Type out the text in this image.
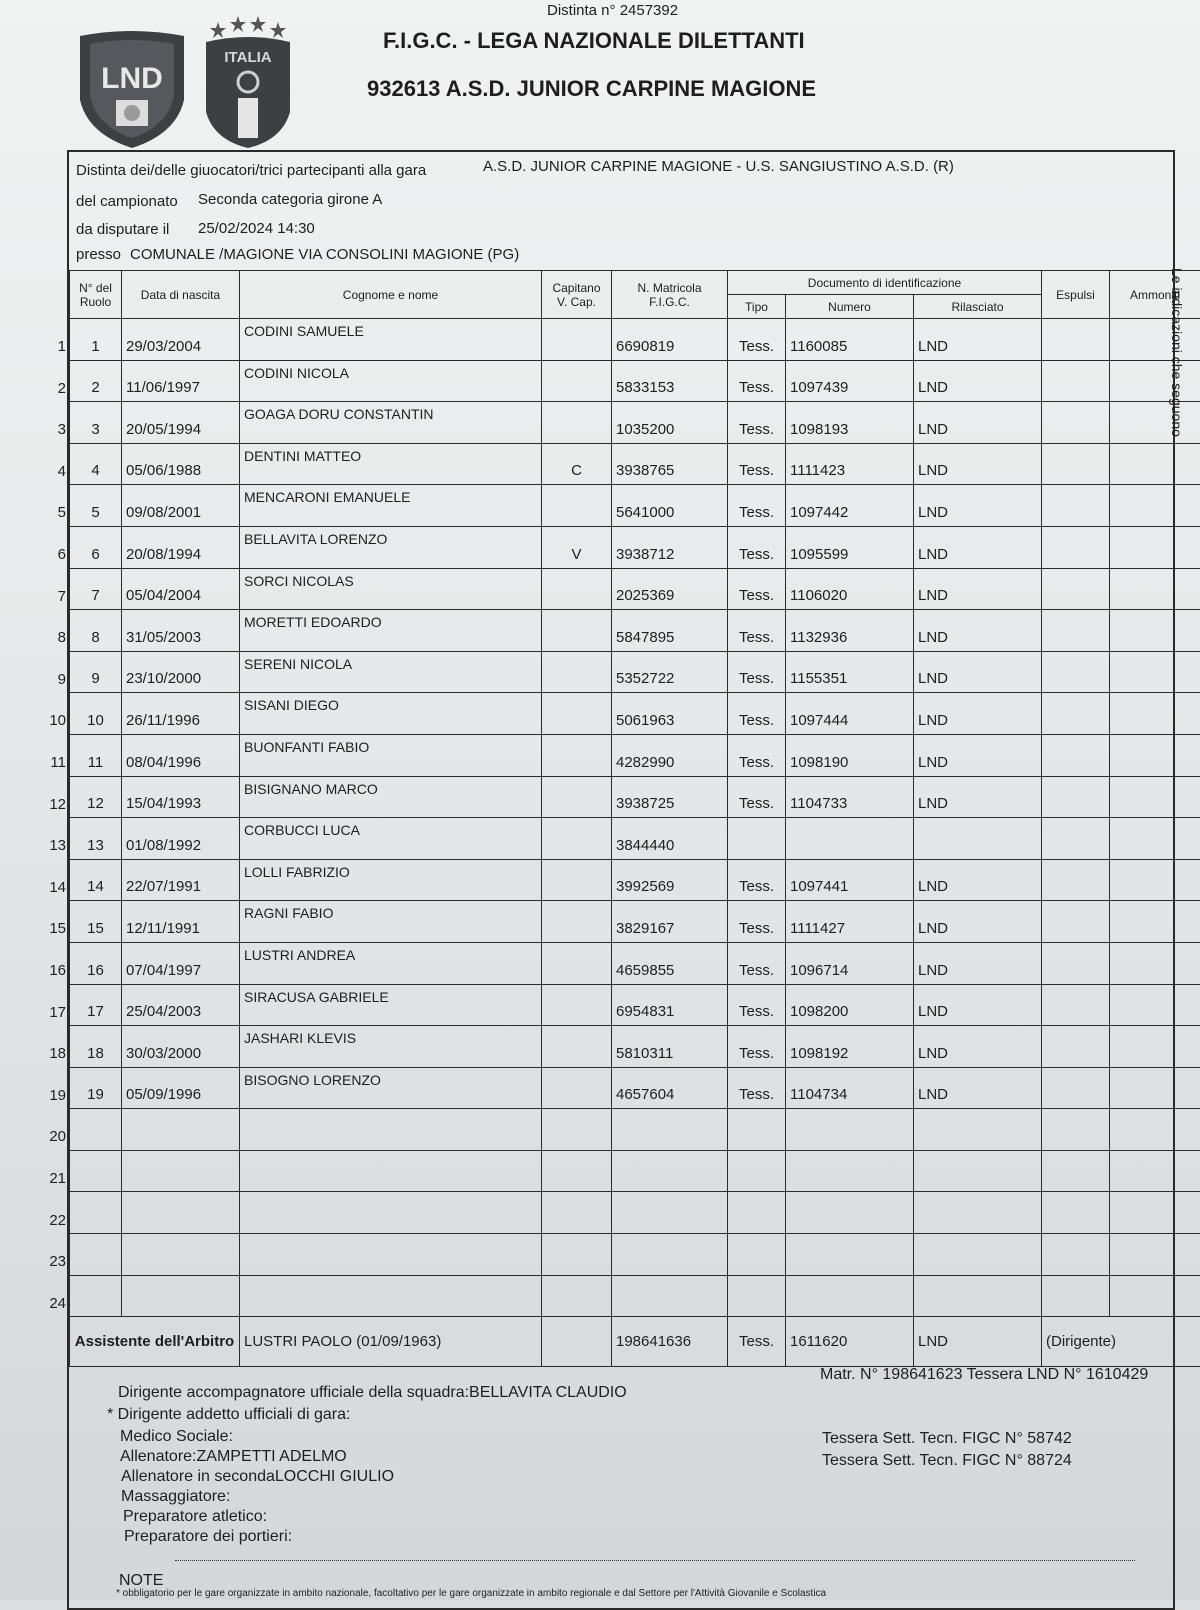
LND
ITALIA
Distinta n° 2457392
F.I.G.C. - LEGA NAZIONALE DILETTANTI
932613 A.S.D. JUNIOR CARPINE MAGIONE
Distinta dei/delle giuocatori/trici partecipanti alla gara	A.S.D. JUNIOR CARPINE MAGIONE - U.S. SANGIUSTINO A.S.D. (R)
del campionato Seconda categoria girone A
da disputare il 25/02/2024 14:30
presso COMUNALE /MAGIONE VIA CONSOLINI MAGIONE (PG)
Le indicazioni che seguono
1
2
3
4
5
6
7
8
9
10
11
12
13
14
15
16
17
18
19
20
21
22
23
24
N° del Ruolo	Data di nascita	Cognome e nome	Capitano V. Cap.	N. Matricola F.I.G.C.	Documento di identificazione			Espulsi	Ammoniti
					Tipo	Numero	Rilasciato		
1	29/03/2004	CODINI SAMUELE		6690819	Tess.	1160085	LND		
2	11/06/1997	CODINI NICOLA		5833153	Tess.	1097439	LND		
3	20/05/1994	GOAGA DORU CONSTANTIN		1035200	Tess.	1098193	LND		
4	05/06/1988	DENTINI MATTEO	C	3938765	Tess.	1111423	LND		
5	09/08/2001	MENCARONI EMANUELE		5641000	Tess.	1097442	LND		
6	20/08/1994	BELLAVITA LORENZO	V	3938712	Tess.	1095599	LND		
7	05/04/2004	SORCI NICOLAS		2025369	Tess.	1106020	LND		
8	31/05/2003	MORETTI EDOARDO		5847895	Tess.	1132936	LND		
9	23/10/2000	SERENI NICOLA		5352722	Tess.	1155351	LND		
10	26/11/1996	SISANI DIEGO		5061963	Tess.	1097444	LND		
11	08/04/1996	BUONFANTI FABIO		4282990	Tess.	1098190	LND		
12	15/04/1993	BISIGNANO MARCO		3938725	Tess.	1104733	LND		
13	01/08/1992	CORBUCCI LUCA		3844440					
14	22/07/1991	LOLLI FABRIZIO		3992569	Tess.	1097441	LND		
15	12/11/1991	RAGNI FABIO		3829167	Tess.	1111427	LND		
16	07/04/1997	LUSTRI ANDREA		4659855	Tess.	1096714	LND		
17	25/04/2003	SIRACUSA GABRIELE		6954831	Tess.	1098200	LND		
18	30/03/2000	JASHARI KLEVIS		5810311	Tess.	1098192	LND		
19	05/09/1996	BISOGNO LORENZO		4657604	Tess.	1104734	LND		

Assistente dell'Arbitro		LUSTRI PAOLO (01/09/1963)		198641636	Tess.	1611620	LND	(Dirigente)	
Dirigente accompagnatore ufficiale della squadra:BELLAVITA CLAUDIO
Matr. N° 198641623 Tessera LND N° 1610429
* Dirigente addetto ufficiali di gara:
Medico Sociale:
Allenatore:ZAMPETTI ADELMO
Tessera Sett. Tecn. FIGC N° 58742
Allenatore in secondaLOCCHI GIULIO
Tessera Sett. Tecn. FIGC N° 88724
Massaggiatore:
Preparatore atletico:
Preparatore dei portieri:
NOTE
* obbligatorio per le gare organizzate in ambito nazionale, facoltativo per le gare organizzate in ambito regionale e dal Settore per l'Attività Giovanile e Scolastica
